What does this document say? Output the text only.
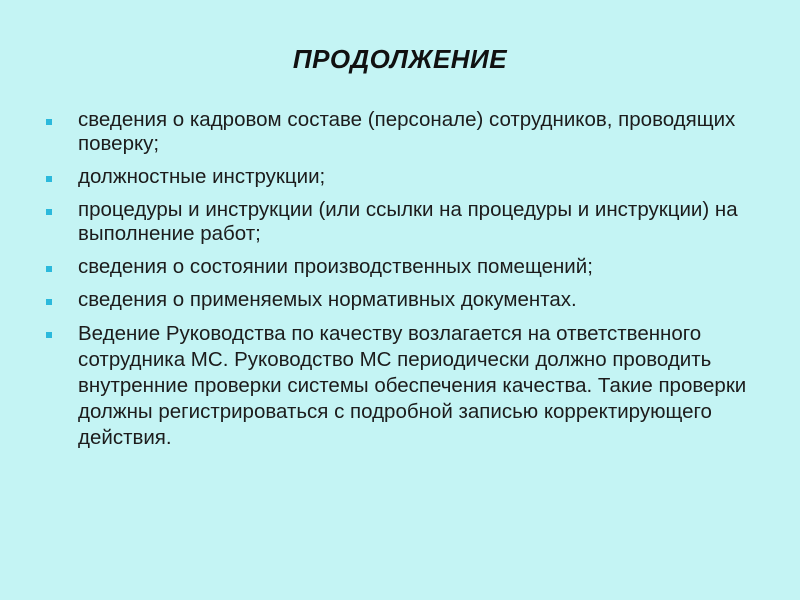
ПРОДОЛЖЕНИЕ
сведения о кадровом составе (персонале) сотрудников, проводящих поверку;
должностные инструкции;
процедуры и инструкции (или ссылки на процедуры и инструкции) на выполнение работ;
сведения о состоянии производственных помещений;
сведения о применяемых нормативных документах.
Ведение Руководства по качеству возлагается на ответственного сотрудника МС. Руководство МС периодически должно проводить внутренние проверки системы обеспечения качества. Такие проверки должны регистрироваться с подробной записью корректирующего действия.
